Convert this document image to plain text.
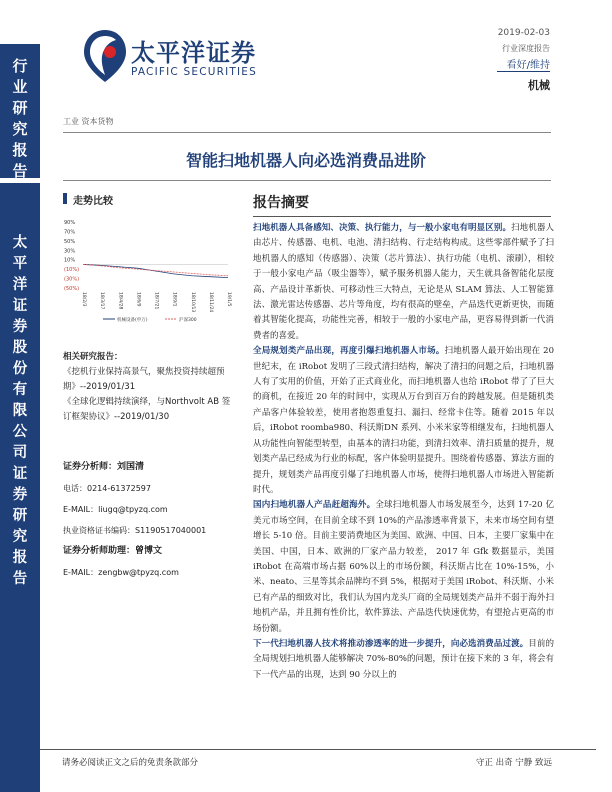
行
业
研
究
报
告
太
平
洋
证
券
股
份
有
限
公
司
证
券
研
究
报
告
太平洋证券
PACIFIC SECURITIES
2019-02-03
行业深度报告
看好/维持
机械
工业 资本货物
智能扫地机器人向必选消费品进阶
走势比较
90%
70%
50%
30%
10%
(10%)
(30%)
(50%)
18/2/3	18/3/17	18/4/28	18/6/9	18/7/21	18/9/1	18/10/13	18/11/24	19/1/5
机械设备(申万)	沪深300
相关研究报告：
《挖机行业保持高景气，聚焦投资持续超预期》--2019/01/31
《全球化逻辑持续演绎，与Northvolt AB 签订框架协议》--2019/01/30
证券分析师：刘国清
电话：0214-61372597
E-MAIL：liugq@tpyzq.com
执业资格证书编码：S1190517040001
证券分析师助理：曾博文
E-MAIL：zengbw@tpyzq.com
报告摘要

扫地机器人具备感知、决策、执行能力，与一般小家电有明显区别。扫地机器人由芯片、传感器、电机、电池、清扫结构、行走结构构成。这些零部件赋予了扫地机器人的感知（传感器）、决策（芯片算法）、执行功能（电机、滚刷），相较于一般小家电产品（吸尘器等），赋予服务机器人能力，天生就具备智能化层度高、产品设计革新快、可移动性三大特点，无论是从 SLAM 算法、人工智能算法、激光雷达传感器、芯片等角度，均有很高的壁垒，产品迭代更新更快，而随着其智能化提高，功能性完善，相较于一般的小家电产品，更容易得到新一代消费者的喜爱。

全局规划类产品出现，再度引爆扫地机器人市场。扫地机器人最开始出现在 20 世纪末，在 iRobot 发明了三段式清扫结构，解决了清扫的问题之后，扫地机器人有了实用的价值，开始了正式商业化，而扫地机器人也给 iRobot 带了了巨大的商机，在接近 20 年的时间中，实现从万台到百万台的跨越发展。但是随机类产品客户体验较差，使用者抱怨重复扫、漏扫、经常卡住等。随着 2015 年以后，iRobot roomba980、科沃斯DN 系列、小米米家等相继发布，扫地机器人从功能性向智能型转型，由基本的清扫功能，到清扫效率、清扫质量的提升，规划类产品已经成为行业的标配，客户体验明显提升。围绕着传感器、算法方面的提升，规划类产品再度引爆了扫地机器人市场，使得扫地机器人市场进入智能新时代。

国内扫地机器人产品赶超海外。全球扫地机器人市场发展至今，达到 17-20 亿美元市场空间，在目前全球不到 10%的产品渗透率背景下，未来市场空间有望增长 5-10 倍。目前主要消费地区为美国、欧洲、中国、日本，主要厂家集中在美国、中国，日本、欧洲的厂家产品力较差， 2017 年 Gfk 数据显示，美国 iRobot 在高端市场占据 60%以上的市场份额，科沃斯占比在 10%-15%，小米、neato、三星等其余品牌均不到 5%，根据对于美国 iRobot、科沃斯、小米已有产品的细致对比，我们认为国内龙头厂商的全局规划类产品并不弱于海外扫地机产品，并且拥有性价比，软件算法、产品迭代快速优势，有望抢占更高的市场份额。

下一代扫地机器人技术将推动渗透率的进一步提升，向必选消费品过渡。目前的全局规划扫地机器人能够解决 70%-80%的问题，预计在接下来的 3 年，将会有下一代产品的出现，达到 90 分以上的

请务必阅读正文之后的免责条款部分	守正 出奇 宁静 致远
